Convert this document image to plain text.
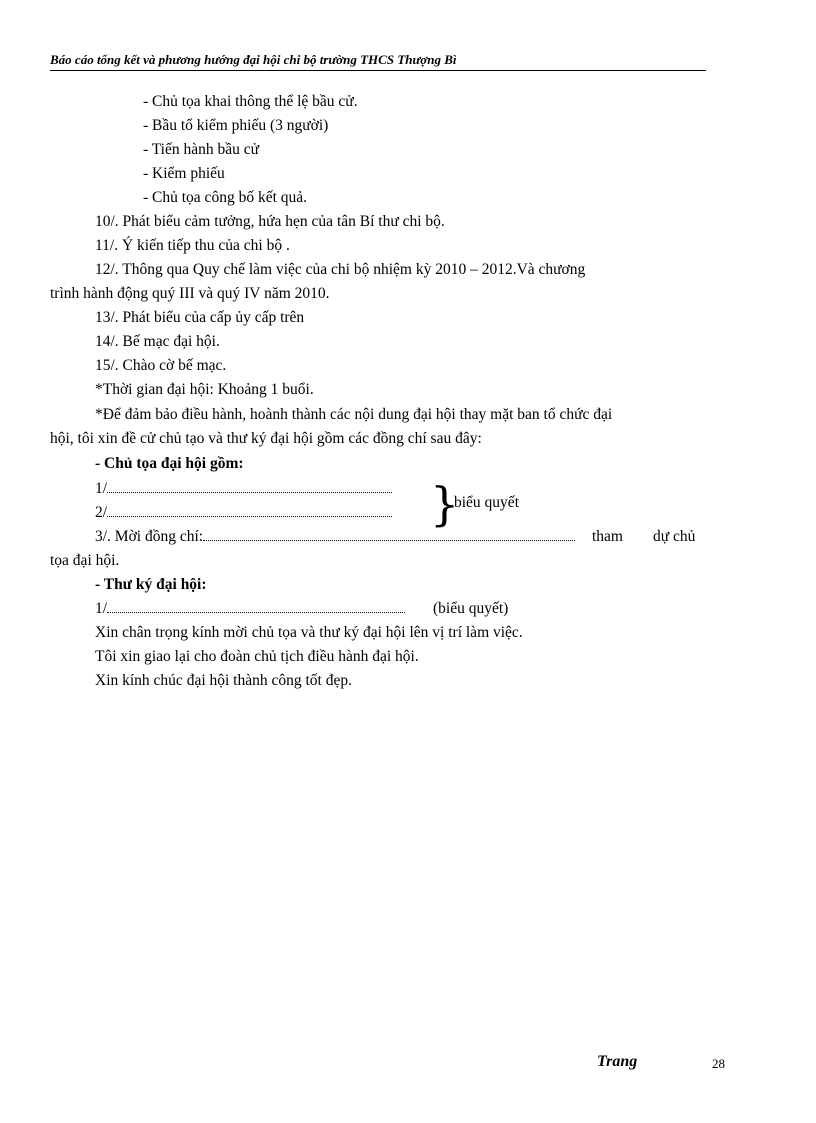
Báo cáo tổng kết và phương hướng đại hội chi bộ trường THCS Thượng Bì
- Chủ tọa khai thông thể lệ bầu cử.
- Bầu tổ kiểm phiếu (3 người)
- Tiến hành bầu cử
- Kiểm phiếu
- Chủ tọa công bố kết quả.
10/. Phát biểu cảm tưởng, hứa hẹn của tân Bí thư chi bộ.
11/. Ý kiến tiếp thu của chi bộ .
12/. Thông qua Quy chế làm việc của chi bộ nhiệm kỳ 2010 – 2012.Và chương
trình hành động quý III và quý IV năm 2010.
13/. Phát biểu của cấp ủy cấp trên
14/. Bế mạc đại hội.
15/. Chào cờ bế mạc.
*Thời gian đại hội: Khoảng 1 buổi.
*Để đảm bảo điều hành, hoành thành các nội dung đại hội thay mặt ban tổ chức đại
hội, tôi xin đề cử chủ tạo và thư ký đại hội gồm các đồng chí sau đây:
- Chủ tọa đại hội gồm:
1/
2/	}
biểu quyết
3/. Mời đồng chí:	tham dự chủ
tọa đại hội.
- Thư ký đại hội:
1/	(biểu quyết)
Xin chân trọng kính mời chủ tọa và thư ký đại hội lên vị trí làm việc.
Tôi xin giao lại cho đoàn chủ tịch điều hành đại hội.
Xin kính chúc đại hội thành công tốt đẹp.
Trang	28
